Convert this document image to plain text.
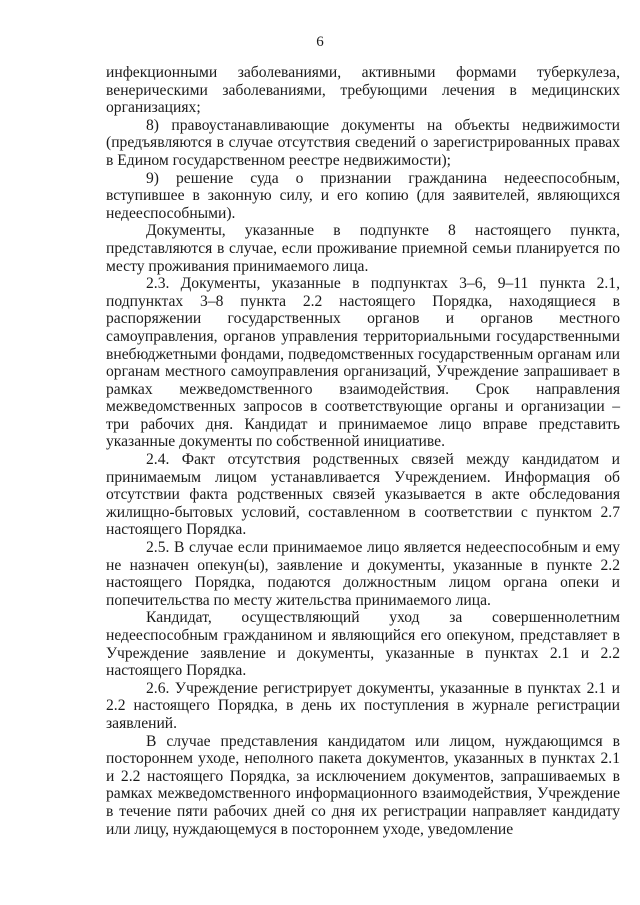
6

инфекционными заболеваниями, активными формами туберкулеза, венерическими заболеваниями, требующими лечения в медицинских организациях;

8) правоустанавливающие документы на объекты недвижимости (предъявляются в случае отсутствия сведений о зарегистрированных правах в Едином государственном реестре недвижимости);

9) решение суда о признании гражданина недееспособным, вступившее в законную силу, и его копию (для заявителей, являющихся недееспособными).

Документы, указанные в подпункте 8 настоящего пункта, представляются в случае, если проживание приемной семьи планируется по месту проживания принимаемого лица.

2.3. Документы, указанные в подпунктах 3–6, 9–11 пункта 2.1, подпунктах 3–8 пункта 2.2 настоящего Порядка, находящиеся в распоряжении государственных органов и органов местного самоуправления, органов управления территориальными государственными внебюджетными фондами, подведомственных государственным органам или органам местного самоуправления организаций, Учреждение запрашивает в рамках межведомственного взаимодействия. Срок направления межведомственных запросов в соответствующие органы и организации – три рабочих дня. Кандидат и принимаемое лицо вправе представить указанные документы по собственной инициативе.

2.4. Факт отсутствия родственных связей между кандидатом и принимаемым лицом устанавливается Учреждением. Информация об отсутствии факта родственных связей указывается в акте обследования жилищно-бытовых условий, составленном в соответствии с пунктом 2.7 настоящего Порядка.

2.5. В случае если принимаемое лицо является недееспособным и ему не назначен опекун(ы), заявление и документы, указанные в пункте 2.2 настоящего Порядка, подаются должностным лицом органа опеки и попечительства по месту жительства принимаемого лица.

Кандидат, осуществляющий уход за совершеннолетним недееспособным гражданином и являющийся его опекуном, представляет в Учреждение заявление и документы, указанные в пунктах 2.1 и 2.2 настоящего Порядка.

2.6. Учреждение регистрирует документы, указанные в пунктах 2.1 и 2.2 настоящего Порядка, в день их поступления в журнале регистрации заявлений.

В случае представления кандидатом или лицом, нуждающимся в постороннем уходе, неполного пакета документов, указанных в пунктах 2.1 и 2.2 настоящего Порядка, за исключением документов, запрашиваемых в рамках межведомственного информационного взаимодействия, Учреждение в течение пяти рабочих дней со дня их регистрации направляет кандидату или лицу, нуждающемуся в постороннем уходе, уведомление
